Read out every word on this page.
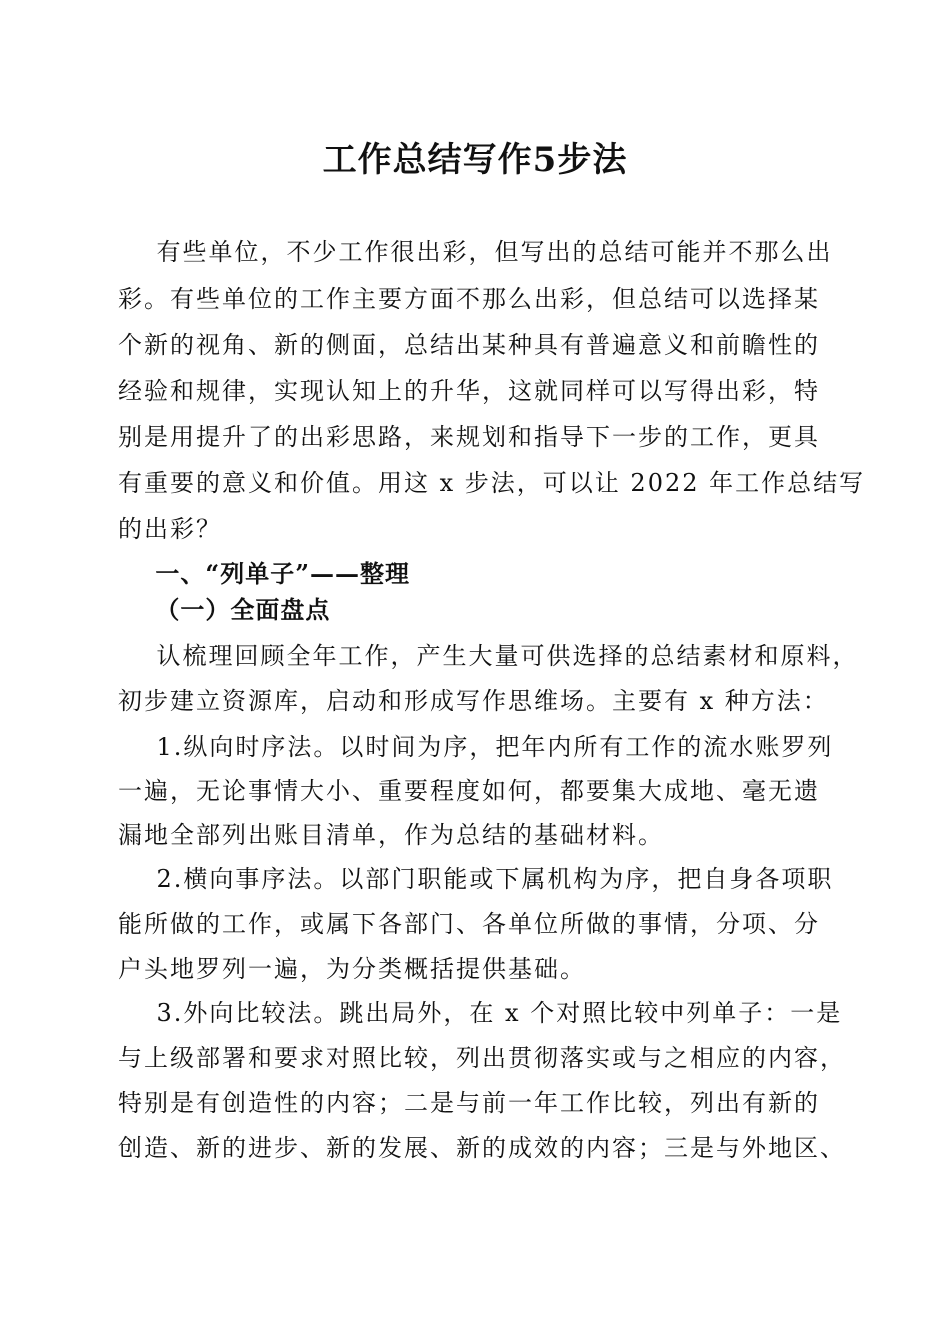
工作总结写作5步法
有些单位，不少工作很出彩，但写出的总结可能并不那么出
彩。有些单位的工作主要方面不那么出彩，但总结可以选择某
个新的视角、新的侧面，总结出某种具有普遍意义和前瞻性的
经验和规律，实现认知上的升华，这就同样可以写得出彩，特
别是用提升了的出彩思路，来规划和指导下一步的工作，更具
有重要的意义和价值。用这 x 步法，可以让 2022 年工作总结写
的出彩？
一、“列单子”——整理
（一）全面盘点
认梳理回顾全年工作，产生大量可供选择的总结素材和原料，
初步建立资源库，启动和形成写作思维场。主要有 x 种方法：
1.纵向时序法。以时间为序，把年内所有工作的流水账罗列
一遍，无论事情大小、重要程度如何，都要集大成地、毫无遗
漏地全部列出账目清单，作为总结的基础材料。
2.横向事序法。以部门职能或下属机构为序，把自身各项职
能所做的工作，或属下各部门、各单位所做的事情，分项、分
户头地罗列一遍，为分类概括提供基础。
3.外向比较法。跳出局外，在 x 个对照比较中列单子：一是
与上级部署和要求对照比较，列出贯彻落实或与之相应的内容，
特别是有创造性的内容；二是与前一年工作比较，列出有新的
创造、新的进步、新的发展、新的成效的内容；三是与外地区、
